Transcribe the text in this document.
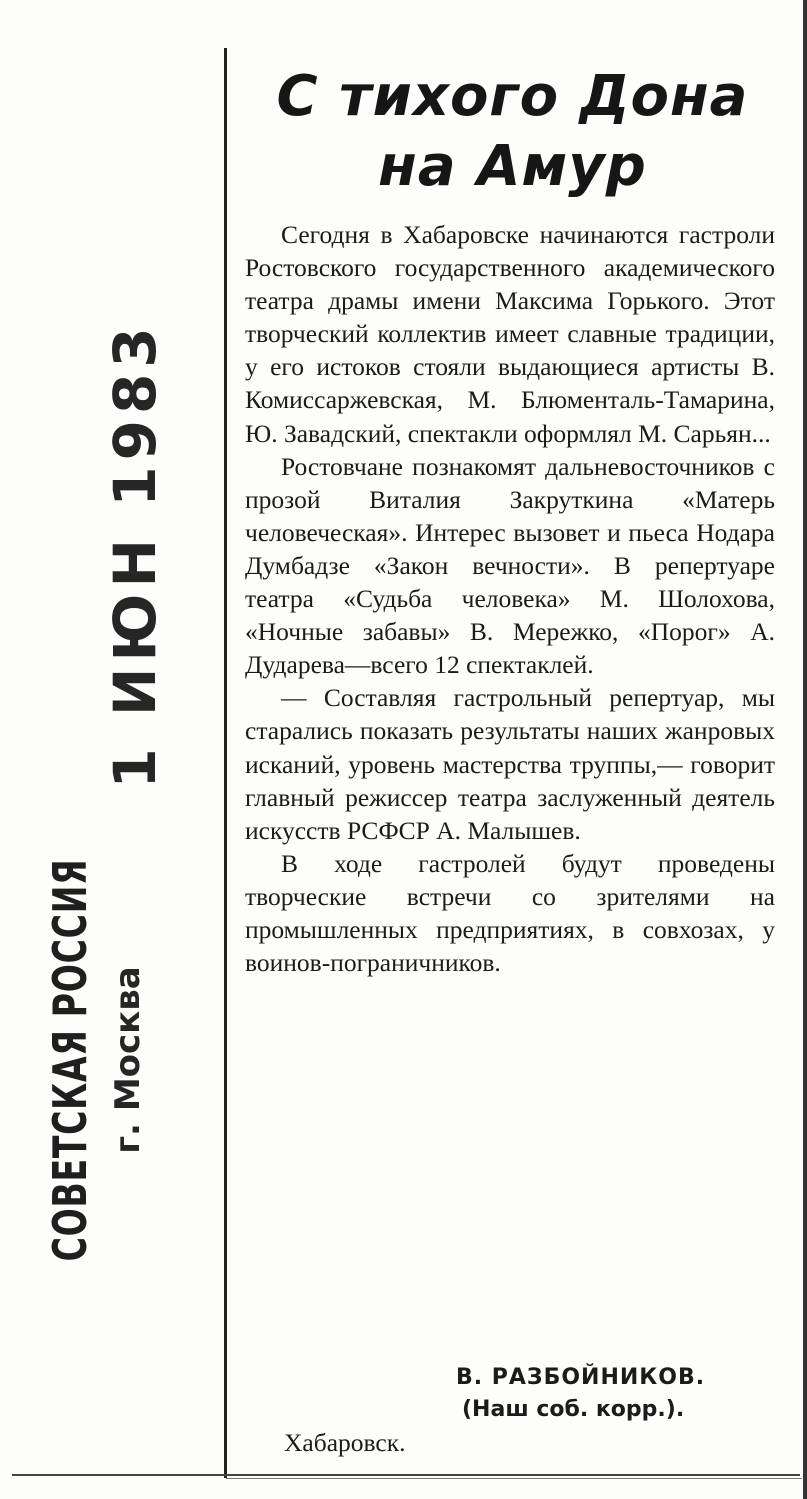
1 ИЮН 1983
СОВЕТСКАЯ РОССИЯ г. Москва
С тихого Дона
на Амур

Сегодня в Хабаровске начинаются гастроли Ростовского государственного академического театра драмы имени Максима Горького. Этот творческий коллектив имеет славные традиции, у его истоков стояли выдающиеся артисты В. Комиссаржевская, М. Блюменталь-Тамарина, Ю. Завадский, спектакли оформлял М. Сарьян...

Ростовчане познакомят дальневосточников с прозой Виталия Закруткина «Матерь человеческая». Интерес вызовет и пьеса Нодара Думбадзе «Закон вечности». В репертуаре театра «Судьба человека» М. Шолохова, «Ночные забавы» В. Мережко, «Порог» А. Дударева—всего 12 спектаклей.

— Составляя гастрольный репертуар, мы старались показать результаты наших жанровых исканий, уровень мастерства труппы,— говорит главный режиссер театра заслуженный деятель искусств РСФСР А. Малышев.

В ходе гастролей будут проведены творческие встречи со зрителями на промышленных предприятиях, в совхозах, у воинов-пограничников.

В. РАЗБОЙНИКОВ.
(Наш соб. корр.).
Хабаровск.
